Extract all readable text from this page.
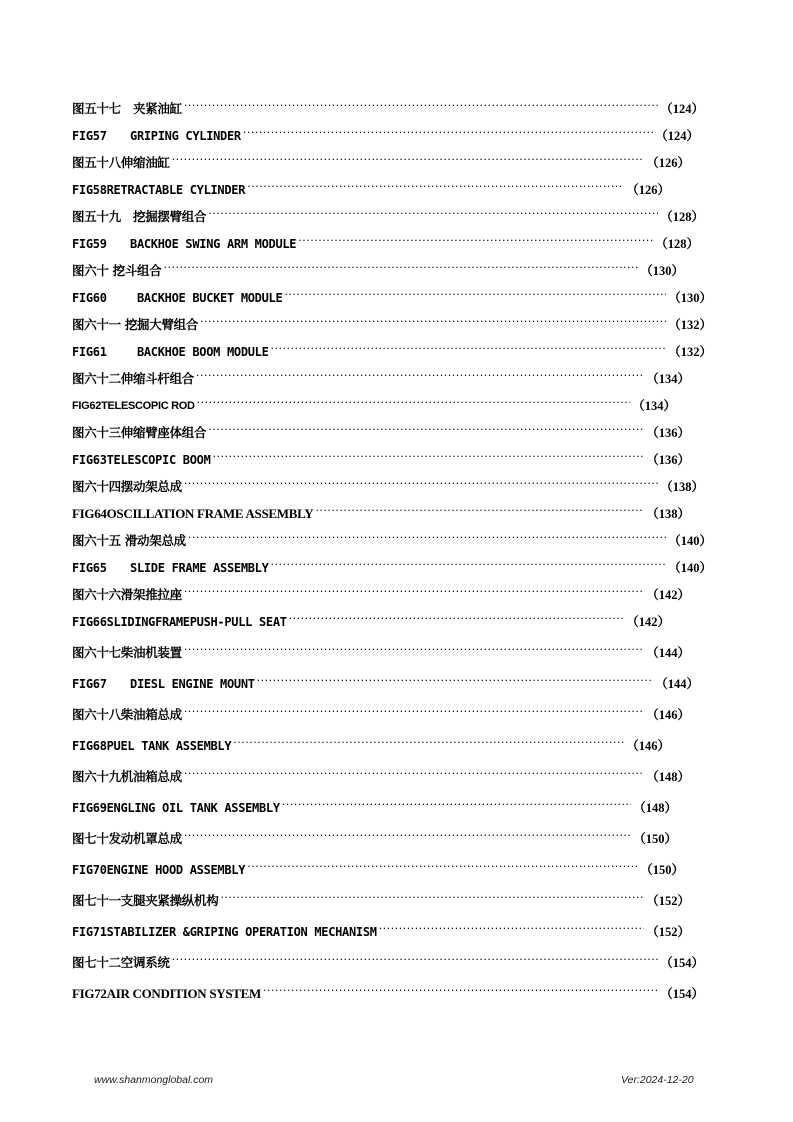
图五十七　夹紧油缸 ·····	（124）
FIG57　　GRIPING CYLINDER ·····	（124）
图五十八伸缩油缸 ·····	（126）
FIG58RETRACTABLE CYLINDER ·····	（126）
图五十九　挖掘摆臂组合 ·····	（128）
FIG59　　BACKHOE SWING ARM MODULE ·····	（128）
图六十 挖斗组合 ·····	（130）
FIG60　　 BACKHOE BUCKET MODULE ·····	（130）
图六十一 挖掘大臂组合 ·····	（132）
FIG61　　 BACKHOE BOOM MODULE ·····	（132）
图六十二伸缩斗杆组合 ·····	（134）
FIG62TELESCOPIC ROD ·····	（134）
图六十三伸缩臂座体组合 ·····	（136）
FIG63TELESCOPIC BOOM ·····	（136）
图六十四摆动架总成 ·····	（138）
FIG64OSCILLATION FRAME ASSEMBLY ·····	（138）
图六十五 滑动架总成 ·····	（140）
FIG65　　SLIDE FRAME ASSEMBLY ·····	（140）
图六十六滑架推拉座 ·····	（142）
FIG66SLIDINGFRAMEPUSH-PULL SEAT ·····	（142）
图六十七柴油机装置 ·····	（144）
FIG67　　DIESL ENGINE MOUNT ·····	（144）
图六十八柴油箱总成 ·····	（146）
FIG68PUEL TANK ASSEMBLY ·····	（146）
图六十九机油箱总成 ·····	（148）
FIG69ENGLING OIL TANK ASSEMBLY ·····	（148）
图七十发动机罩总成 ·····	（150）
FIG70ENGINE HOOD ASSEMBLY ·····	（150）
图七十一支腿夹紧操纵机构 ·····	（152）
FIG71STABILIZER &GRIPING OPERATION MECHANISM ·····	（152）
图七十二空调系统 ·····	（154）
FIG72AIR CONDITION SYSTEM ·····	（154）
www.shanmonglobal.com	Ver:2024-12-20
